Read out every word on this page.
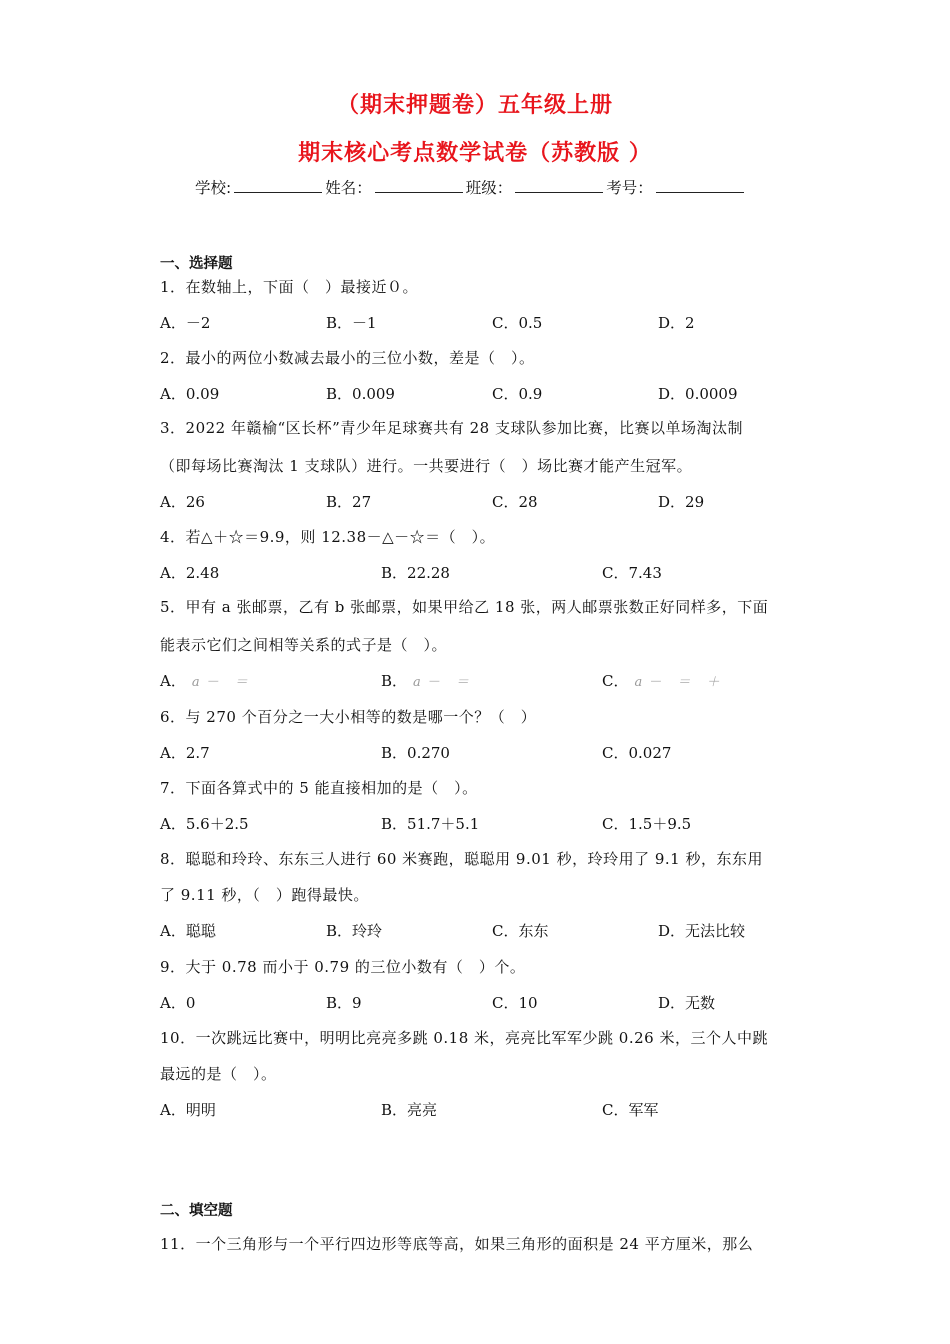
（期末押题卷）五年级上册
期末核心考点数学试卷（苏教版 ）
学校:	姓名：	班级：	考号：
一、选择题
1．在数轴上，下面（　）最接近０。
A．－2	B．－1	C．0.5	D．2
2．最小的两位小数减去最小的三位小数，差是（　）。
A．0.09	B．0.009	C．0.9	D．0.0009
3．2022 年赣榆“区长杯”青少年足球赛共有 28 支球队参加比赛，比赛以单场淘汰制
（即每场比赛淘汰 1 支球队）进行。一共要进行（　）场比赛才能产生冠军。
A．26	B．27	C．28	D．29
4．若△＋☆＝9.9，则 12.38－△－☆＝（　）。
A．2.48	B．22.28	C．7.43
5．甲有 a 张邮票，乙有 b 张邮票，如果甲给乙 18 张，两人邮票张数正好同样多，下面
能表示它们之间相等关系的式子是（　）。
A． a－ ＝	B． a－ ＝	C． a－ ＝ ＋
6．与 270 个百分之一大小相等的数是哪一个？（　）
A．2.7	B．0.270	C．0.027
7．下面各算式中的 5 能直接相加的是（　）。
A．5.6＋2.5	B．51.7＋5.1	C．1.5＋9.5
8．聪聪和玲玲、东东三人进行 60 米赛跑，聪聪用 9.01 秒，玲玲用了 9.1 秒，东东用
了 9.11 秒，（　）跑得最快。
A．聪聪	B．玲玲	C．东东	D．无法比较
9．大于 0.78 而小于 0.79 的三位小数有（　）个。
A．0	B．9	C．10	D．无数
10．一次跳远比赛中，明明比亮亮多跳 0.18 米，亮亮比军军少跳 0.26 米，三个人中跳
最远的是（　）。
A．明明	B．亮亮	C．军军
二、填空题
11．一个三角形与一个平行四边形等底等高，如果三角形的面积是 24 平方厘米，那么
